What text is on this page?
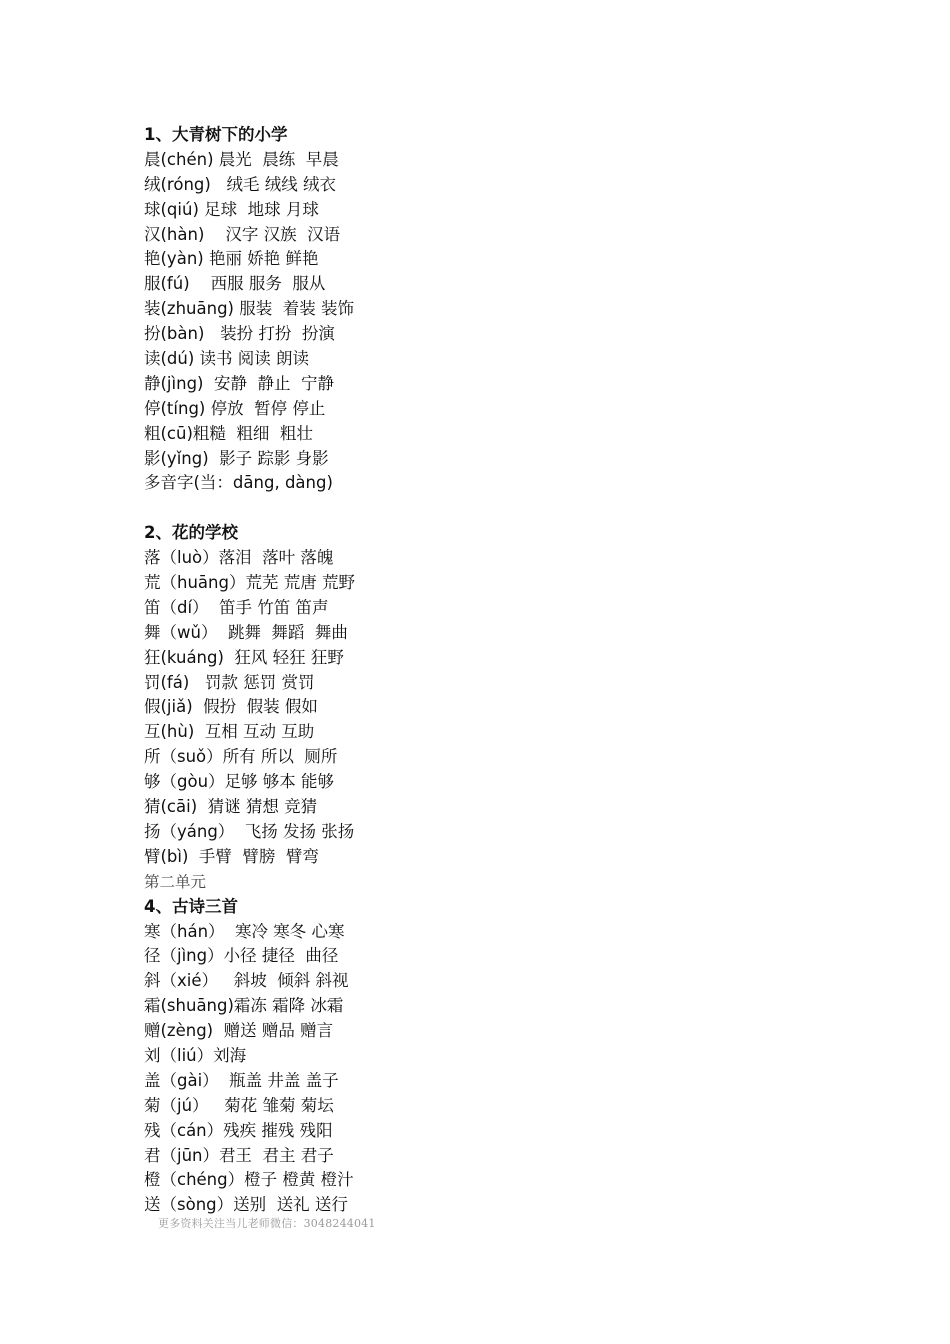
1、大青树下的小学
晨(chén) 晨光  晨练  早晨
绒(róng)   绒毛 绒线 绒衣
球(qiú) 足球  地球 月球
汉(hàn)    汉字 汉族  汉语
艳(yàn) 艳丽 娇艳 鲜艳
服(fú)    西服 服务  服从
装(zhuāng) 服装  着装 装饰
扮(bàn)   装扮 打扮  扮演
读(dú) 读书 阅读 朗读
静(jìng)  安静  静止  宁静
停(tíng) 停放  暂停 停止
粗(cū)粗糙  粗细  粗壮
影(yǐng)  影子 踪影 身影
多音字(当：dāng, dàng)
2、花的学校
落（luò）落泪  落叶 落魄
荒（huāng）荒芜 荒唐 荒野
笛（dí）  笛手 竹笛 笛声
舞（wǔ）  跳舞  舞蹈  舞曲
狂(kuáng)  狂风 轻狂 狂野
罚(fá)   罚款 惩罚 赏罚
假(jiǎ)  假扮  假装 假如
互(hù)  互相 互动 互助
所（suǒ）所有 所以  厕所
够（gòu）足够 够本 能够
猜(cāi)  猜谜 猜想 竞猜
扬（yáng）  飞扬 发扬 张扬
臂(bì)  手臂  臂膀  臂弯
第二单元
4、古诗三首
寒（hán）  寒冷 寒冬 心寒
径（jìng）小径 捷径  曲径
斜（xié）   斜坡  倾斜 斜视
霜(shuāng)霜冻 霜降 冰霜
赠(zèng)  赠送 赠品 赠言
刘（liú）刘海
盖（gài）  瓶盖 井盖 盖子
菊（jú）   菊花 雏菊 菊坛
残（cán）残疾 摧残 残阳
君（jūn）君王  君主 君子
橙（chéng）橙子 橙黄 橙汁
送（sòng）送别  送礼 送行
更多资料关注当儿老师微信：3048244041
